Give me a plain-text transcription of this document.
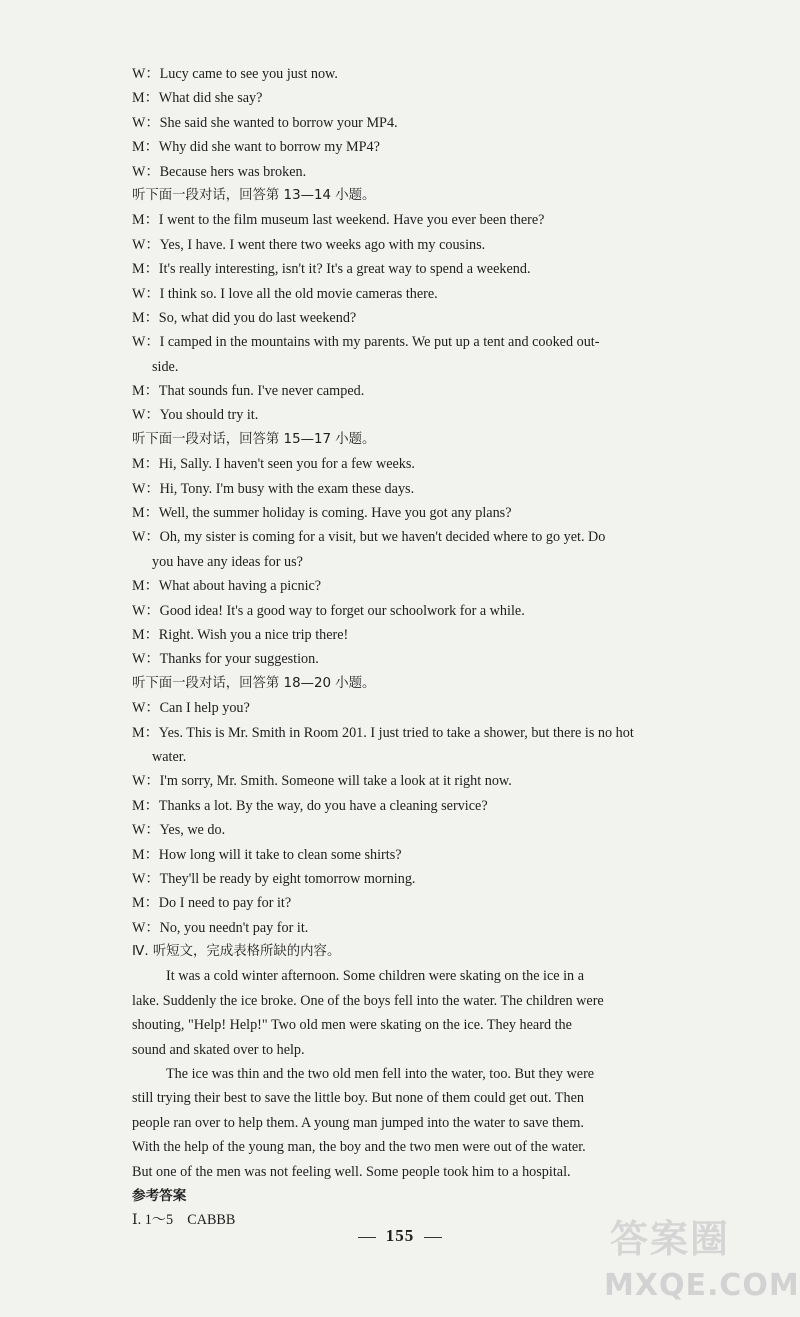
W：Lucy came to see you just now.
M：What did she say?
W：She said she wanted to borrow your MP4.
M：Why did she want to borrow my MP4?
W：Because hers was broken.
听下面一段对话，回答第 13—14 小题。
M：I went to the film museum last weekend. Have you ever been there?
W：Yes, I have. I went there two weeks ago with my cousins.
M：It's really interesting, isn't it? It's a great way to spend a weekend.
W：I think so. I love all the old movie cameras there.
M：So, what did you do last weekend?
W：I camped in the mountains with my parents. We put up a tent and cooked out-
side.
M：That sounds fun. I've never camped.
W：You should try it.
听下面一段对话，回答第 15—17 小题。
M：Hi, Sally. I haven't seen you for a few weeks.
W：Hi, Tony. I'm busy with the exam these days.
M：Well, the summer holiday is coming. Have you got any plans?
W：Oh, my sister is coming for a visit, but we haven't decided where to go yet. Do
you have any ideas for us?
M：What about having a picnic?
W：Good idea! It's a good way to forget our schoolwork for a while.
M：Right. Wish you a nice trip there!
W：Thanks for your suggestion.
听下面一段对话，回答第 18—20 小题。
W：Can I help you?
M：Yes. This is Mr. Smith in Room 201. I just tried to take a shower, but there is no hot
water.
W：I'm sorry, Mr. Smith. Someone will take a look at it right now.
M：Thanks a lot. By the way, do you have a cleaning service?
W：Yes, we do.
M：How long will it take to clean some shirts?
W：They'll be ready by eight tomorrow morning.
M：Do I need to pay for it?
W：No, you needn't pay for it.
Ⅳ. 听短文，完成表格所缺的内容。
It was a cold winter afternoon. Some children were skating on the ice in a
lake. Suddenly the ice broke. One of the boys fell into the water. The children were
shouting, "Help! Help!" Two old men were skating on the ice. They heard the
sound and skated over to help.
The ice was thin and the two old men fell into the water, too. But they were
still trying their best to save the little boy. But none of them could get out. Then
people ran over to help them. A young man jumped into the water to save them.
With the help of the young man, the boy and the two men were out of the water.
But one of the men was not feeling well. Some people took him to a hospital.
参考答案
Ⅰ. 1～5　CABBB
155	答案圈
MXQE.COM
